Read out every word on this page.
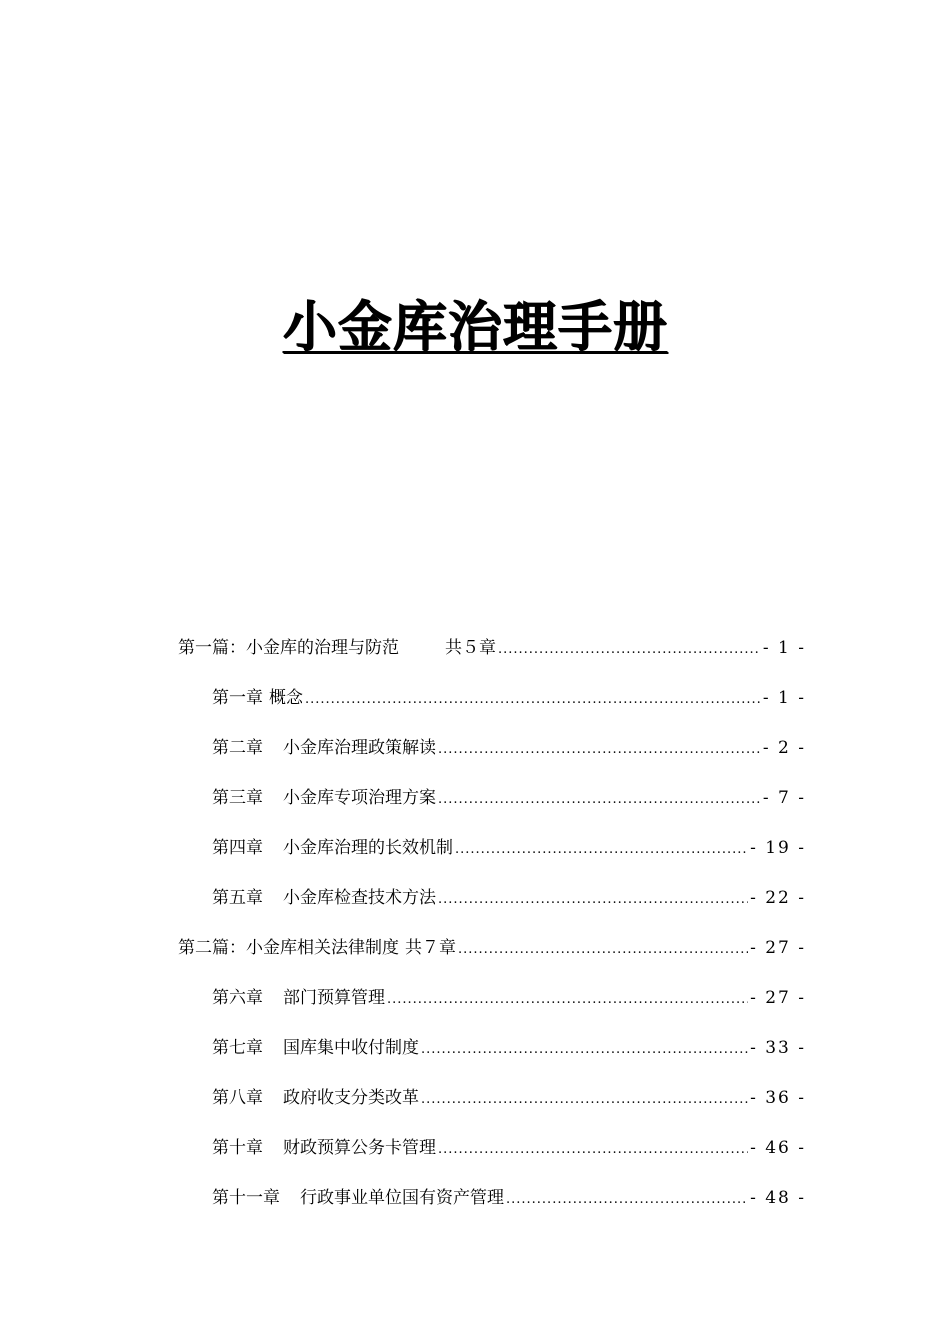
小金库治理手册
第一篇：小金库的治理与防范	共５章 .....	- 1 -
第一章 概念 .....	- 1 -
第二章 小金库治理政策解读 .....	- 2 -
第三章 小金库专项治理方案 .....	- 7 -
第四章 小金库治理的长效机制 .....	- 19 -
第五章 小金库检查技术方法 .....	- 22 -
第二篇：小金库相关法律制度 共７章 .....	- 27 -
第六章 部门预算管理 .....	- 27 -
第七章 国库集中收付制度 .....	- 33 -
第八章 政府收支分类改革 .....	- 36 -
第十章 财政预算公务卡管理 .....	- 46 -
第十一章 行政事业单位国有资产管理 .....	- 48 -
